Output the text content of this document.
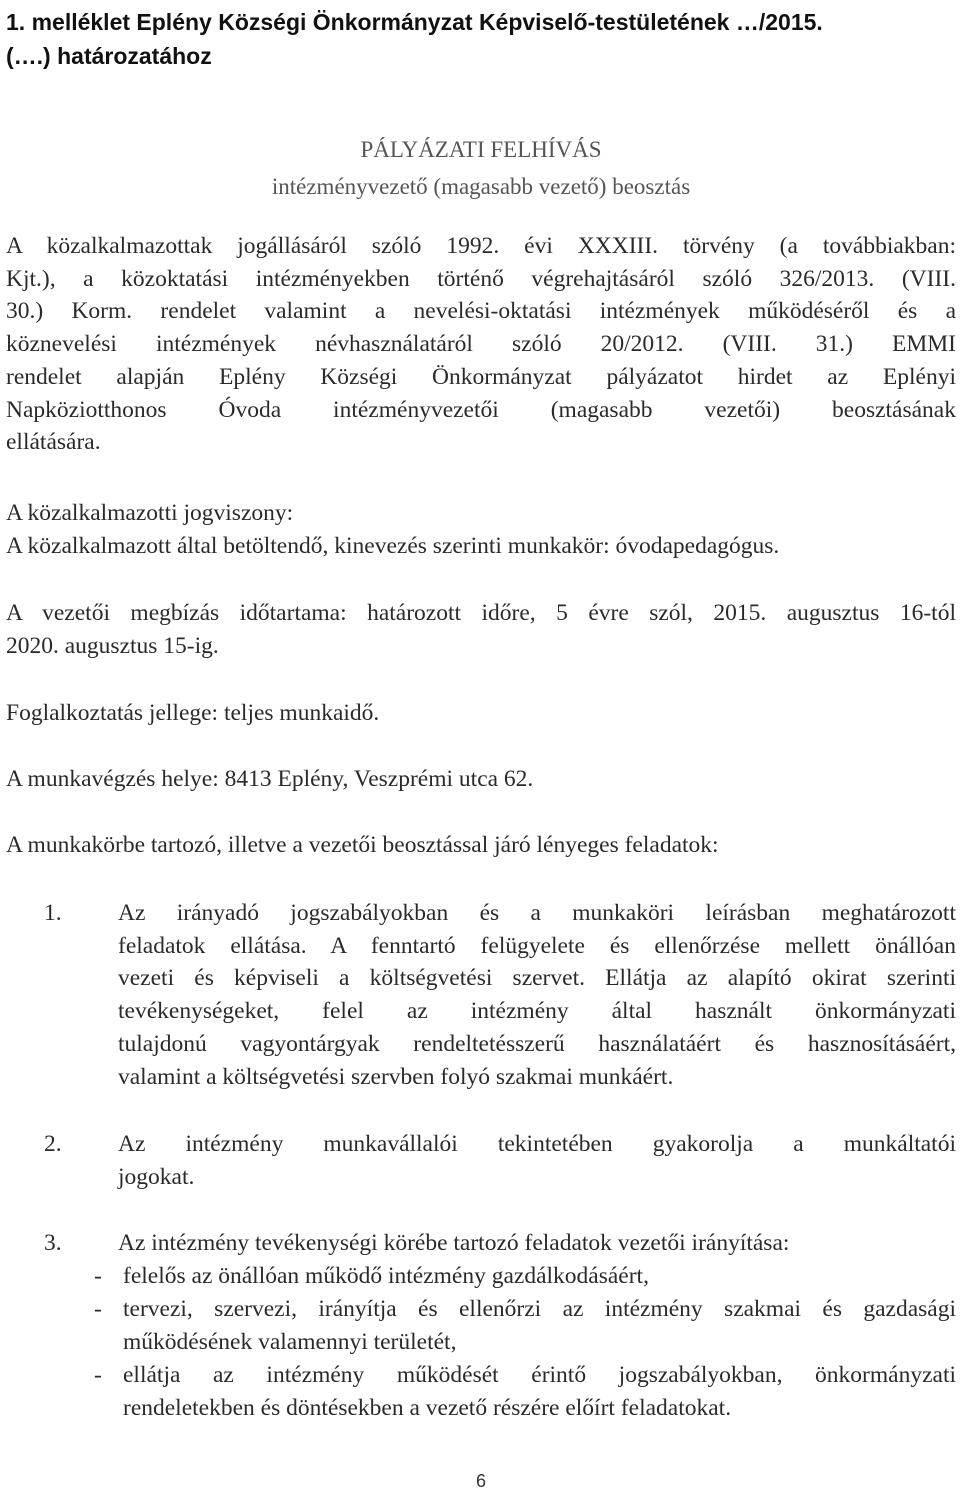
1. melléklet Eplény Községi Önkormányzat Képviselő-testületének …/2015.
(….) határozatához
PÁLYÁZATI FELHÍVÁS
intézményvezető (magasabb vezető) beosztás
A közalkalmazottak jogállásáról szóló 1992. évi XXXIII. törvény (a továbbiakban:
Kjt.), a közoktatási intézményekben történő végrehajtásáról szóló 326/2013. (VIII.
30.) Korm. rendelet valamint a nevelési-oktatási intézmények működéséről és a
köznevelési intézmények névhasználatáról szóló 20/2012. (VIII. 31.) EMMI
rendelet alapján Eplény Községi Önkormányzat pályázatot hirdet az Eplényi
Napköziotthonos Óvoda intézményvezetői (magasabb vezetői) beosztásának
ellátására.
A közalkalmazotti jogviszony:
A közalkalmazott által betöltendő, kinevezés szerinti munkakör: óvodapedagógus.
A vezetői megbízás időtartama: határozott időre, 5 évre szól, 2015. augusztus 16-tól
2020. augusztus 15-ig.
Foglalkoztatás jellege: teljes munkaidő.
A munkavégzés helye: 8413 Eplény, Veszprémi utca 62.
A munkakörbe tartozó, illetve a vezetői beosztással járó lényeges feladatok:
1. Az irányadó jogszabályokban és a munkaköri leírásban meghatározott
feladatok ellátása. A fenntartó felügyelete és ellenőrzése mellett önállóan
vezeti és képviseli a költségvetési szervet. Ellátja az alapító okirat szerinti
tevékenységeket, felel az intézmény által használt önkormányzati
tulajdonú vagyontárgyak rendeltetésszerű használatáért és hasznosításáért,
valamint a költségvetési szervben folyó szakmai munkáért.
2. Az intézmény munkavállalói tekintetében gyakorolja a munkáltatói
jogokat.
3. Az intézmény tevékenységi körébe tartozó feladatok vezetői irányítása:
- felelős az önállóan működő intézmény gazdálkodásáért,
- tervezi, szervezi, irányítja és ellenőrzi az intézmény szakmai és gazdasági
működésének valamennyi területét,
- ellátja az intézmény működését érintő jogszabályokban, önkormányzati
rendeletekben és döntésekben a vezető részére előírt feladatokat.
6
